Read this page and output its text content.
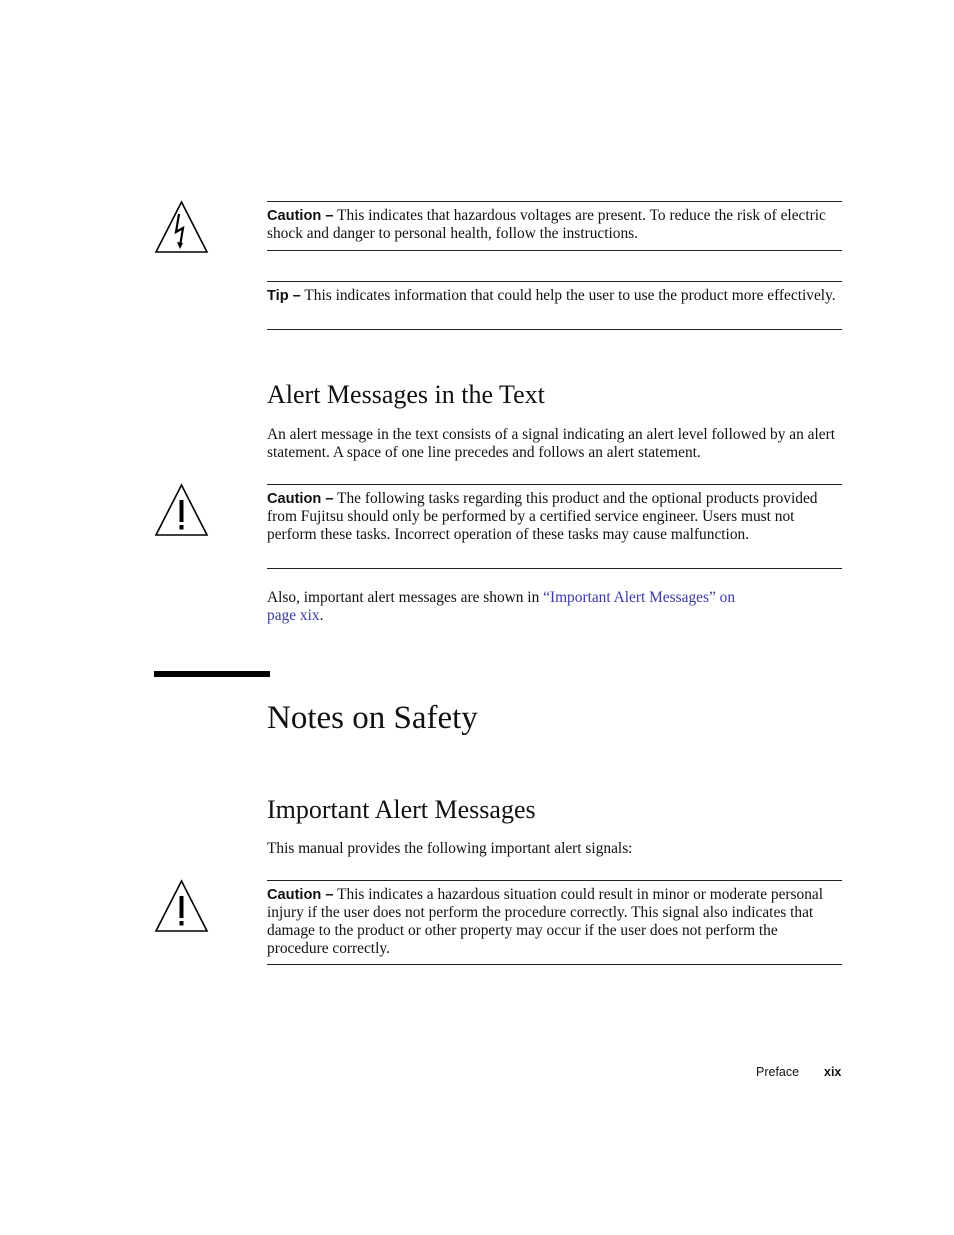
Caution – This indicates that hazardous voltages are present. To reduce the risk of electric shock and danger to personal health, follow the instructions.
Tip – This indicates information that could help the user to use the product more effectively.
Alert Messages in the Text
An alert message in the text consists of a signal indicating an alert level followed by an alert statement. A space of one line precedes and follows an alert statement.
Caution – The following tasks regarding this product and the optional products provided from Fujitsu should only be performed by a certified service engineer. Users must not perform these tasks. Incorrect operation of these tasks may cause malfunction.
Also, important alert messages are shown in “Important Alert Messages” on
page xix.
Notes on Safety
Important Alert Messages
This manual provides the following important alert signals:
Caution – This indicates a hazardous situation could result in minor or moderate personal injury if the user does not perform the procedure correctly. This signal also indicates that damage to the product or other property may occur if the user does not perform the procedure correctly.
Preface xix
